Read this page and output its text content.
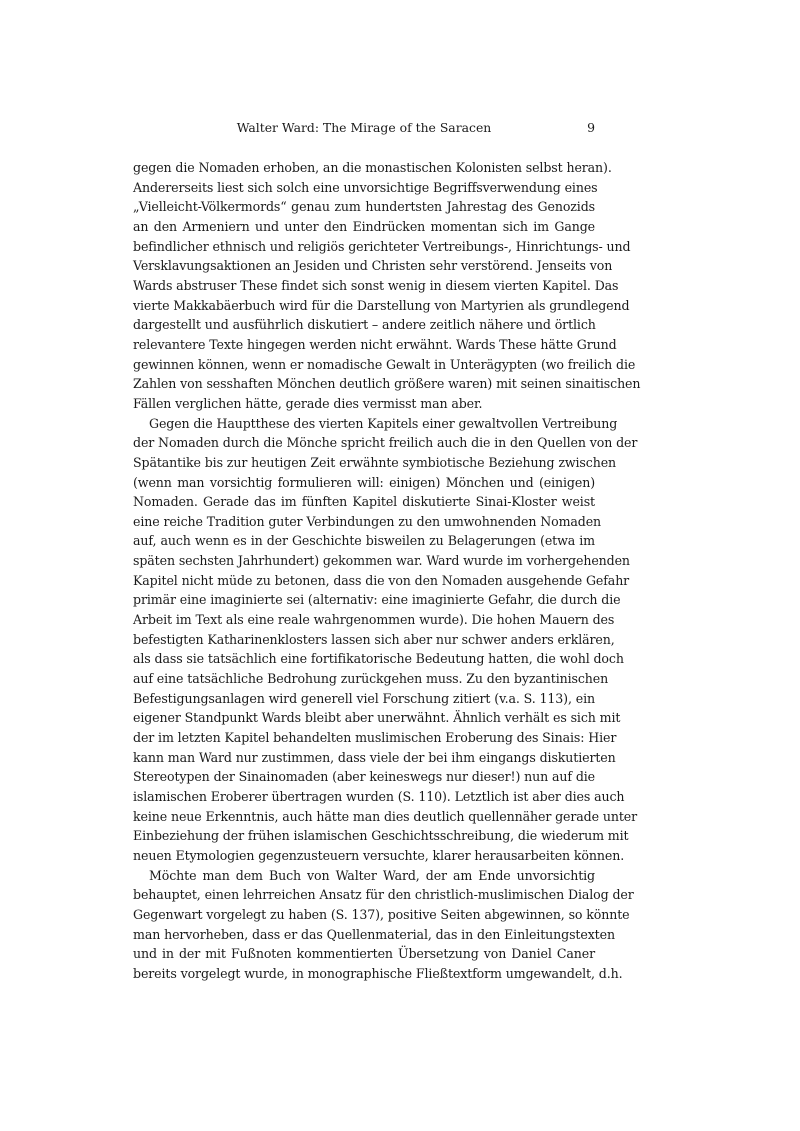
Walter Ward: The Mirage of the Saracen	9

gegen die Nomaden erhoben, an die monastischen Kolonisten selbst heran).
Andererseits liest sich solch eine unvorsichtige Begriffsverwendung eines
„Vielleicht-Völkermords“ genau zum hundertsten Jahrestag des Genozids
an den Armeniern und unter den Eindrücken momentan sich im Gange
befindlicher ethnisch und religiös gerichteter Vertreibungs-, Hinrichtungs- und
Versklavungsaktionen an Jesiden und Christen sehr verstörend. Jenseits von
Wards abstruser These findet sich sonst wenig in diesem vierten Kapitel. Das
vierte Makkabäerbuch wird für die Darstellung von Martyrien als grundlegend
dargestellt und ausführlich diskutiert – andere zeitlich nähere und örtlich
relevantere Texte hingegen werden nicht erwähnt. Wards These hätte Grund
gewinnen können, wenn er nomadische Gewalt in Unterägypten (wo freilich die
Zahlen von sesshaften Mönchen deutlich größere waren) mit seinen sinaitischen
Fällen verglichen hätte, gerade dies vermisst man aber.

Gegen die Hauptthese des vierten Kapitels einer gewaltvollen Vertreibung
der Nomaden durch die Mönche spricht freilich auch die in den Quellen von der
Spätantike bis zur heutigen Zeit erwähnte symbiotische Beziehung zwischen
(wenn man vorsichtig formulieren will: einigen) Mönchen und (einigen)
Nomaden. Gerade das im fünften Kapitel diskutierte Sinai-Kloster weist
eine reiche Tradition guter Verbindungen zu den umwohnenden Nomaden
auf, auch wenn es in der Geschichte bisweilen zu Belagerungen (etwa im
späten sechsten Jahrhundert) gekommen war. Ward wurde im vorhergehenden
Kapitel nicht müde zu betonen, dass die von den Nomaden ausgehende Gefahr
primär eine imaginierte sei (alternativ: eine imaginierte Gefahr, die durch die
Arbeit im Text als eine reale wahrgenommen wurde). Die hohen Mauern des
befestigten Katharinenklosters lassen sich aber nur schwer anders erklären,
als dass sie tatsächlich eine fortifikatorische Bedeutung hatten, die wohl doch
auf eine tatsächliche Bedrohung zurückgehen muss. Zu den byzantinischen
Befestigungsanlagen wird generell viel Forschung zitiert (v.a. S. 113), ein
eigener Standpunkt Wards bleibt aber unerwähnt. Ähnlich verhält es sich mit
der im letzten Kapitel behandelten muslimischen Eroberung des Sinais: Hier
kann man Ward nur zustimmen, dass viele der bei ihm eingangs diskutierten
Stereotypen der Sinainomaden (aber keineswegs nur dieser!) nun auf die
islamischen Eroberer übertragen wurden (S. 110). Letztlich ist aber dies auch
keine neue Erkenntnis, auch hätte man dies deutlich quellennäher gerade unter
Einbeziehung der frühen islamischen Geschichtsschreibung, die wiederum mit
neuen Etymologien gegenzusteuern versuchte, klarer herausarbeiten können.

Möchte man dem Buch von Walter Ward, der am Ende unvorsichtig
behauptet, einen lehrreichen Ansatz für den christlich-muslimischen Dialog der
Gegenwart vorgelegt zu haben (S. 137), positive Seiten abgewinnen, so könnte
man hervorheben, dass er das Quellenmaterial, das in den Einleitungstexten
und in der mit Fußnoten kommentierten Übersetzung von Daniel Caner
bereits vorgelegt wurde, in monographische Fließtextform umgewandelt, d.h.
